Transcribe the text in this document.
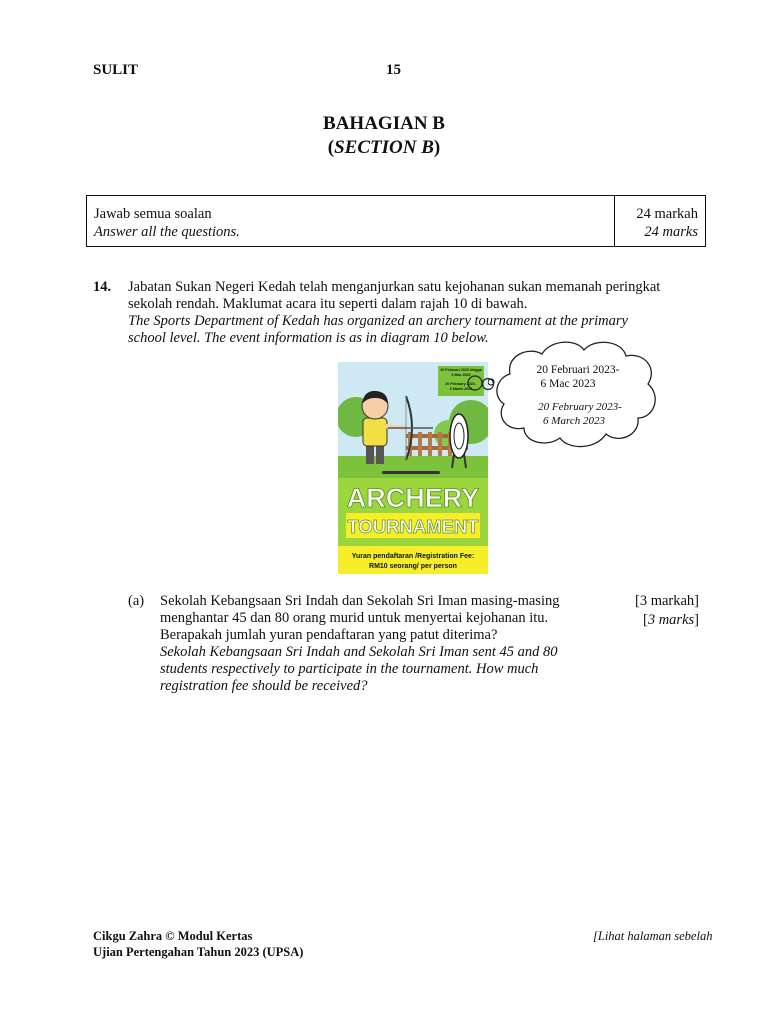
SULIT	15
BAHAGIAN B
(SECTION B)
Jawab semua soalan
Answer all the questions.
24 markah
24 marks
14. Jabatan Sukan Negeri Kedah telah menganjurkan satu kejohanan sukan memanah peringkat
sekolah rendah. Maklumat acara itu seperti dalam rajah 10 di bawah.
The Sports Department of Kedah has organized an archery tournament at the primary
school level. The event information is as in diagram 10 below.
20 Februari 2023 hingga
6 Mac 2023
20 February 2023 -
6 March 2023
ARCHERY
TOURNAMENT
Yuran pendaftaran /Registration Fee:
RM10 seorang/ per person
20 Februari 2023-
6 Mac 2023
20 February 2023-
6 March 2023
(a) Sekolah Kebangsaan Sri Indah dan Sekolah Sri Iman masing-masing
menghantar 45 dan 80 orang murid untuk menyertai kejohanan itu.
Berapakah jumlah yuran pendaftaran yang patut diterima?
Sekolah Kebangsaan Sri Indah and Sekolah Sri Iman sent 45 and 80
students respectively to participate in the tournament. How much
registration fee should be received?
[3 markah]
[3 marks]
Cikgu Zahra © Modul Kertas
Ujian Pertengahan Tahun 2023 (UPSA)
[Lihat halaman sebelah
